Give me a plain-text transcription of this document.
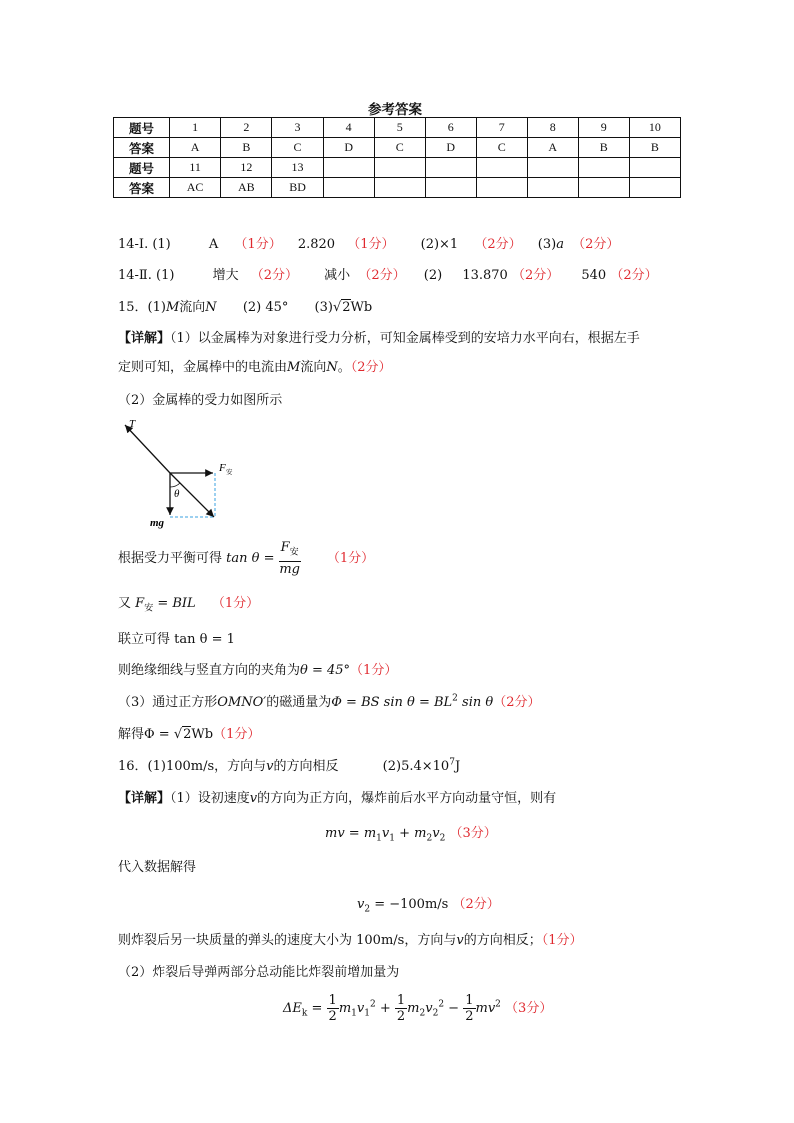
参考答案
题号	1	2	3	4	5	6	7	8	9	10
答案	A	B	C	D	C	D	C	A	B	B
题号	11	12	13							
答案	AC	AB	BD							
14-Ⅰ. (1)	A （1分） 2.820 （1分） (2)×1 （2分） (3)a （2分）
14-Ⅱ. (1)	增大 （2分） 减小 （2分） (2) 13.870 （2分） 540 （2分）
15．(1)M流向N (2) 45° (3)√2Wb
【详解】（1）以金属棒为对象进行受力分析，可知金属棒受到的安培力水平向右，根据左手
定则可知，金属棒中的电流由M流向N。（2分）
（2）金属棒的受力如图所示
T
F 安
θ
mg
根据受力平衡可得 $\tan \theta = \frac{F_安}{mg} (1$分）
又 $F_安$ = BIL （1分）
联立可得 tan θ = 1
则绝缘细线与竖直方向的夹角为θ = 45°（1分）
（3）通过正方形OMNO′的磁通量为Φ = BS $\sin \theta = BL^2$ sin θ（2分）
解得Φ = √2Wb（1分）
16．(1)100m/s，方向与v的方向相反	$(2)5.4\times 10^7J$
【详解】（1）设初速度v的方向为正方向，爆炸前后水平方向动量守恒，则有
mv = $m_1v_1 + m_2v_2$ （3分）
代入数据解得
$v_2 = -100m/s$ （2分）
则炸裂后另一块质量的弹头的速度大小为 100m/s，方向与v的方向相反；（1分）
（2）炸裂后导弹两部分总动能比炸裂前增加量为
$\Delta E_k = \frac{1}{2} m_1v_1^2 + \frac{1}{2} m_2v_2^2 - \frac{1}{2} mv^2$ （3分）
